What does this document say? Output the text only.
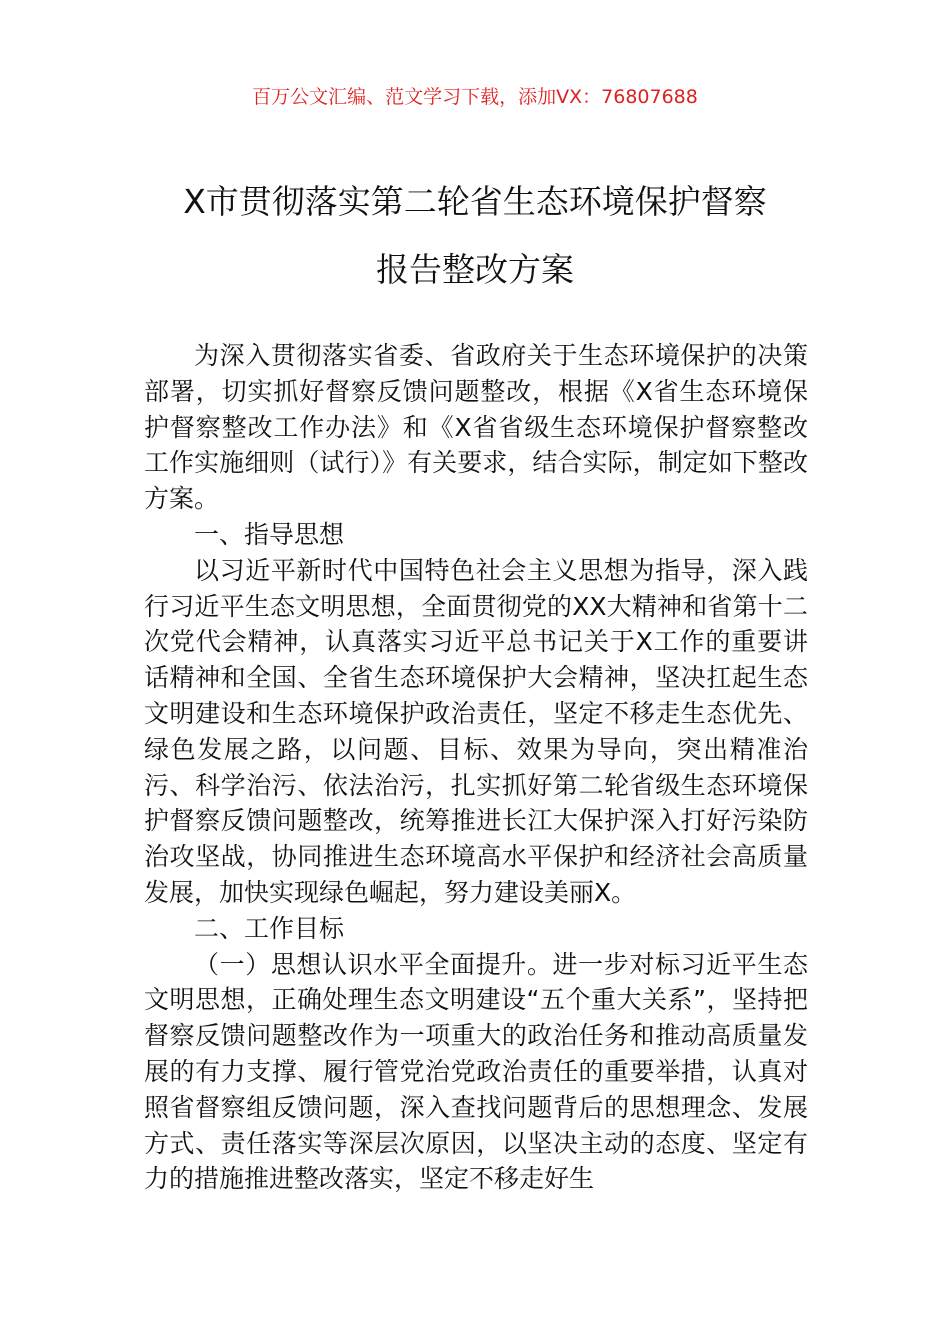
百万公文汇编、范文学习下载，添加VX：76807688
X市贯彻落实第二轮省生态环境保护督察
报告整改方案

为深入贯彻落实省委、省政府关于生态环境保护的决策部署，切实抓好督察反馈问题整改，根据《X省生态环境保护督察整改工作办法》和《X省省级生态环境保护督察整改工作实施细则（试行）》有关要求，结合实际，制定如下整改方案。

一、指导思想

以习近平新时代中国特色社会主义思想为指导，深入践行习近平生态文明思想，全面贯彻党的XX大精神和省第十二次党代会精神，认真落实习近平总书记关于X工作的重要讲话精神和全国、全省生态环境保护大会精神，坚决扛起生态文明建设和生态环境保护政治责任，坚定不移走生态优先、绿色发展之路，以问题、目标、效果为导向，突出精准治污、科学治污、依法治污，扎实抓好第二轮省级生态环境保护督察反馈问题整改，统筹推进长江大保护深入打好污染防治攻坚战，协同推进生态环境高水平保护和经济社会高质量发展，加快实现绿色崛起，努力建设美丽X。

二、工作目标

（一）思想认识水平全面提升。进一步对标习近平生态文明思想，正确处理生态文明建设“五个重大关系”，坚持把督察反馈问题整改作为一项重大的政治任务和推动高质量发展的有力支撑、履行管党治党政治责任的重要举措，认真对照省督察组反馈问题，深入查找问题背后的思想理念、发展方式、责任落实等深层次原因，以坚决主动的态度、坚定有力的措施推进整改落实，坚定不移走好生
